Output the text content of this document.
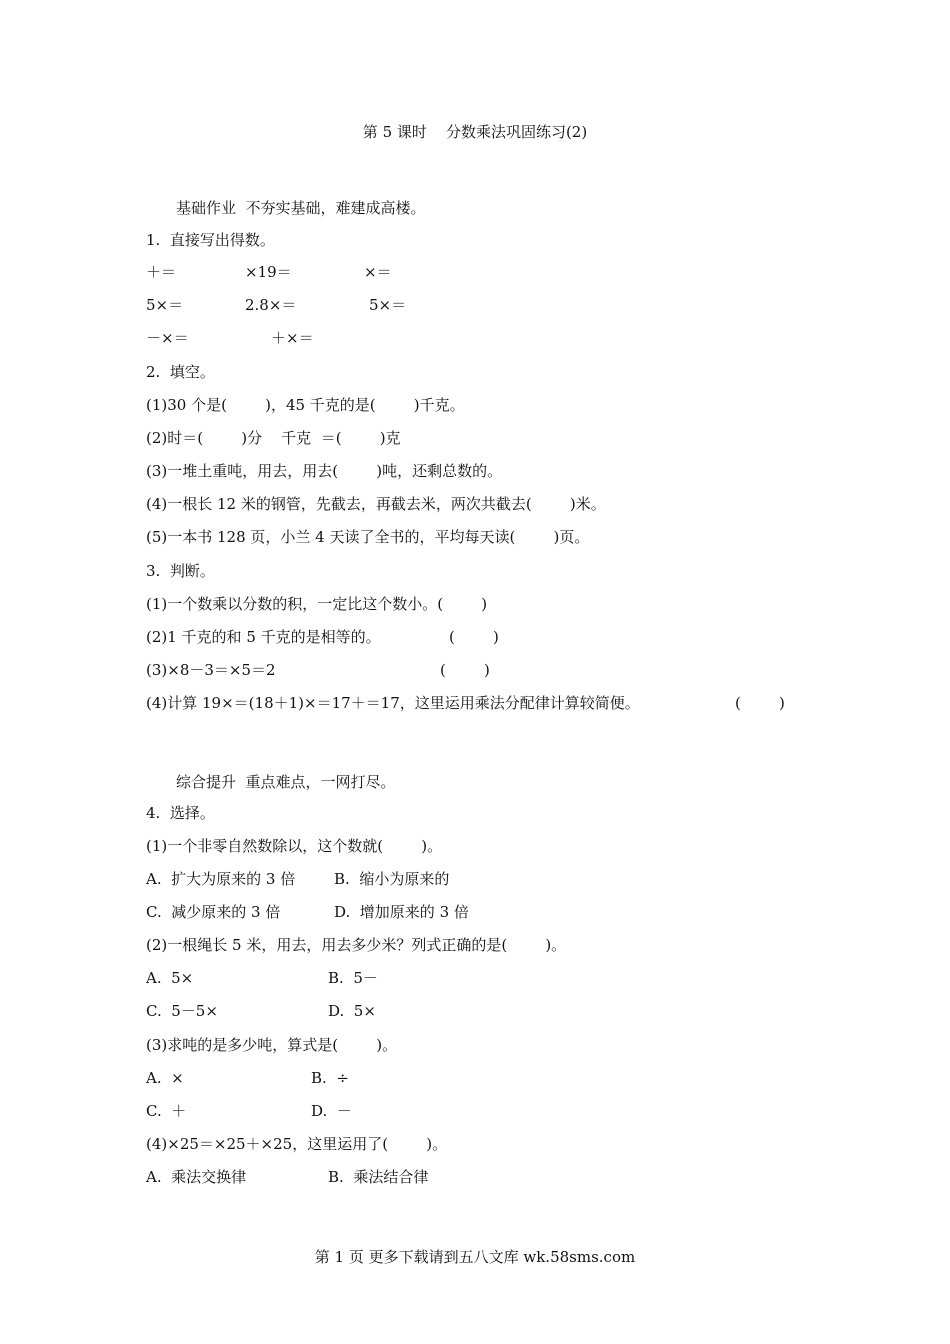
第 5 课时    分数乘法巩固练习(2)
基础作业  不夯实基础，难建成高楼。
1.  直接写出得数。
＋＝	×19＝	×＝
5×＝	2.8×＝	5×＝
－×＝	＋×＝
2.  填空。
(1)30 个是(        )，45 千克的是(        )千克。
(2)时＝(        )分    千克  ＝(        )克
(3)一堆土重吨，用去，用去(        )吨，还剩总数的。
(4)一根长 12 米的钢管，先截去，再截去米，两次共截去(        )米。
(5)一本书 128 页，小兰 4 天读了全书的，平均每天读(        )页。
3.  判断。
(1)一个数乘以分数的积，一定比这个数小。(        )
(2)1 千克的和 5 千克的是相等的。	(        )
(3)×8－3＝×5＝2	(        )
(4)计算 19×＝(18＋1)×＝17＋＝17，这里运用乘法分配律计算较简便。	(        )
综合提升  重点难点，一网打尽。
4.  选择。
(1)一个非零自然数除以，这个数就(        )。
A.  扩大为原来的 3 倍	B.  缩小为原来的
C.  减少原来的 3 倍	D.  增加原来的 3 倍
(2)一根绳长 5 米，用去，用去多少米？列式正确的是(        )。
A.  5×	B.  5－
C.  5－5×	D.  5×
(3)求吨的是多少吨，算式是(        )。
A.  ×	B.  ÷
C.  ＋	D.  －
(4)×25＝×25＋×25，这里运用了(        )。
A.  乘法交换律	B.  乘法结合律
第 1 页 更多下载请到五八文库 wk.58sms.com
